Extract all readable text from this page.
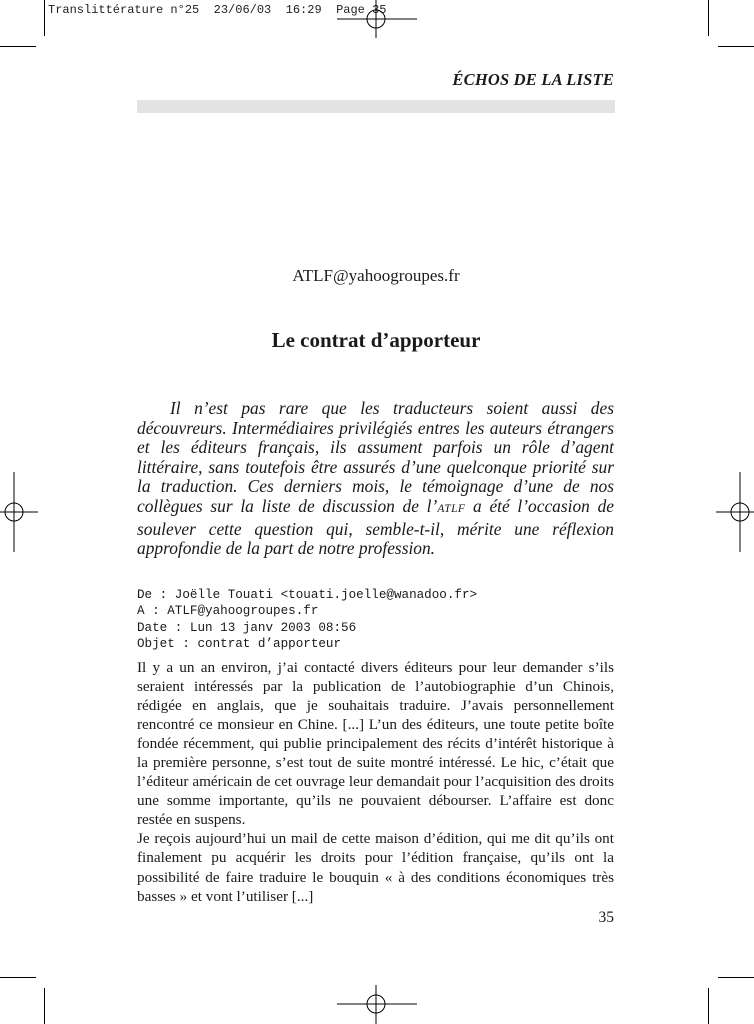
Translittérature n°25 23/06/03 16:29 Page 35
ÉCHOS DE LA LISTE
ATLF@yahoogroupes.fr
Le contrat d’apporteur

Il n’est pas rare que les traducteurs soient aussi des découvreurs. Intermédiaires privilégiés entres les auteurs étrangers et les éditeurs français, ils assument parfois un rôle d’agent littéraire, sans toutefois être assurés d’une quelconque priorité sur la traduction. Ces derniers mois, le témoignage d’une de nos collègues sur la liste de discussion de l’ATLF a été l’occasion de soulever cette question qui, semble-t-il, mérite une réflexion approfondie de la part de notre profession.

De : Joëlle Touati <touati.joelle@wanadoo.fr>
A : ATLF@yahoogroupes.fr
Date : Lun 13 janv 2003 08:56
Objet : contrat d’apporteur

Il y a un an environ, j’ai contacté divers éditeurs pour leur demander s’ils seraient intéressés par la publication de l’autobiographie d’un Chinois, rédigée en anglais, que je souhaitais traduire. J’avais personnellement rencontré ce monsieur en Chine. [...] L’un des éditeurs, une toute petite boîte fondée récemment, qui publie principalement des récits d’intérêt historique à la première personne, s’est tout de suite montré intéressé. Le hic, c’était que l’éditeur américain de cet ouvrage leur demandait pour l’acquisition des droits une somme importante, qu’ils ne pouvaient débourser. L’affaire est donc restée en suspens.

Je reçois aujourd’hui un mail de cette maison d’édition, qui me dit qu’ils ont finalement pu acquérir les droits pour l’édition française, qu’ils ont la possibilité de faire traduire le bouquin « à des conditions économiques très basses » et vont l’utiliser [...]

35
